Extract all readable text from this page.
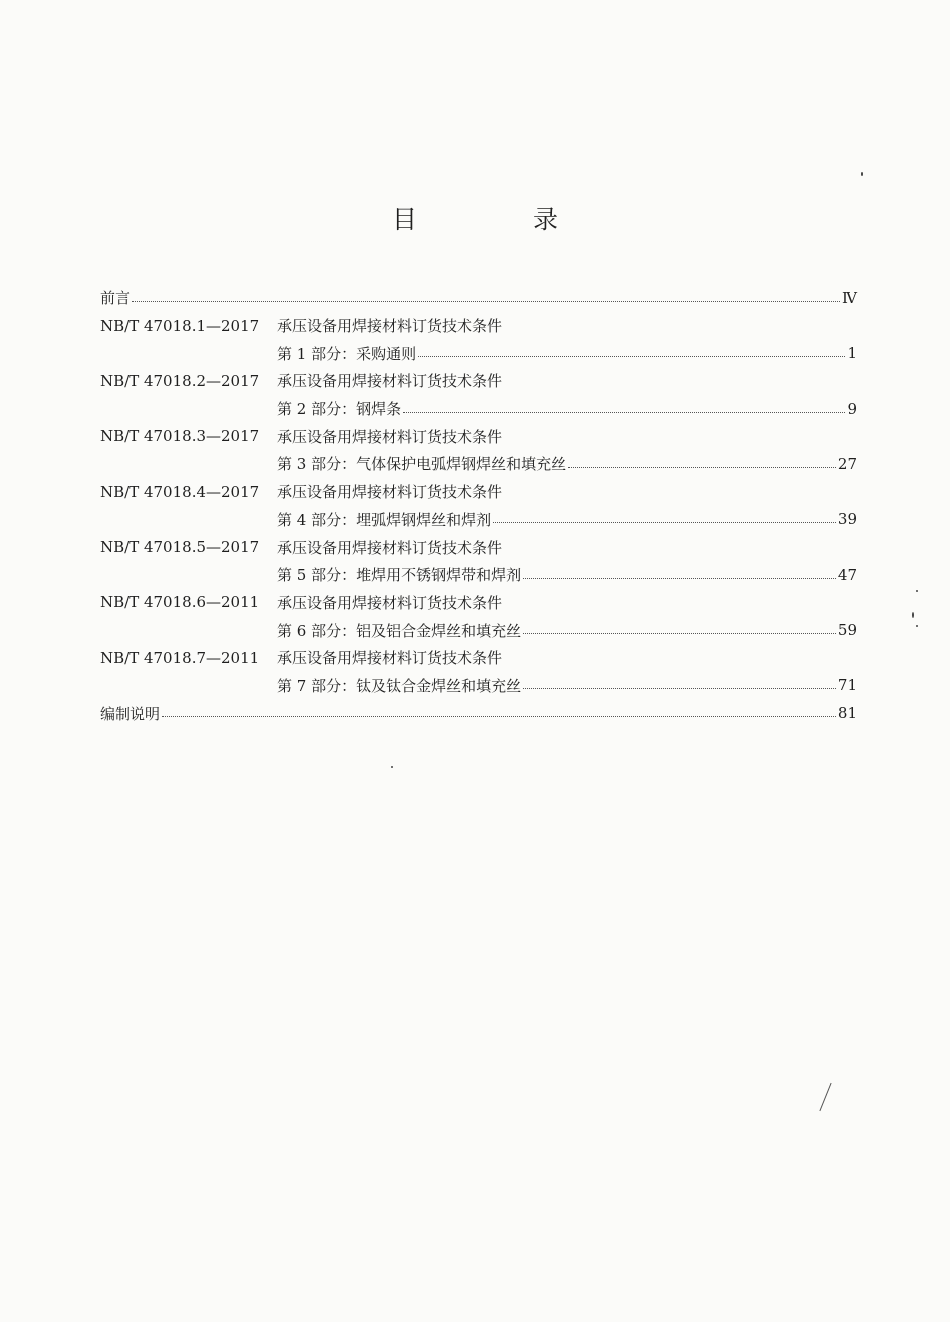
目 录
前言	Ⅳ
NB/T 47018.1—2017	承压设备用焊接材料订货技术条件
第 1 部分：采购通则	1
NB/T 47018.2—2017	承压设备用焊接材料订货技术条件
第 2 部分：钢焊条	9
NB/T 47018.3—2017	承压设备用焊接材料订货技术条件
第 3 部分：气体保护电弧焊钢焊丝和填充丝	27
NB/T 47018.4—2017	承压设备用焊接材料订货技术条件
第 4 部分：埋弧焊钢焊丝和焊剂	39
NB/T 47018.5—2017	承压设备用焊接材料订货技术条件
第 5 部分：堆焊用不锈钢焊带和焊剂	47
NB/T 47018.6—2011	承压设备用焊接材料订货技术条件
第 6 部分：铝及铝合金焊丝和填充丝	59
NB/T 47018.7—2011	承压设备用焊接材料订货技术条件
第 7 部分：钛及钛合金焊丝和填充丝	71
编制说明	81
